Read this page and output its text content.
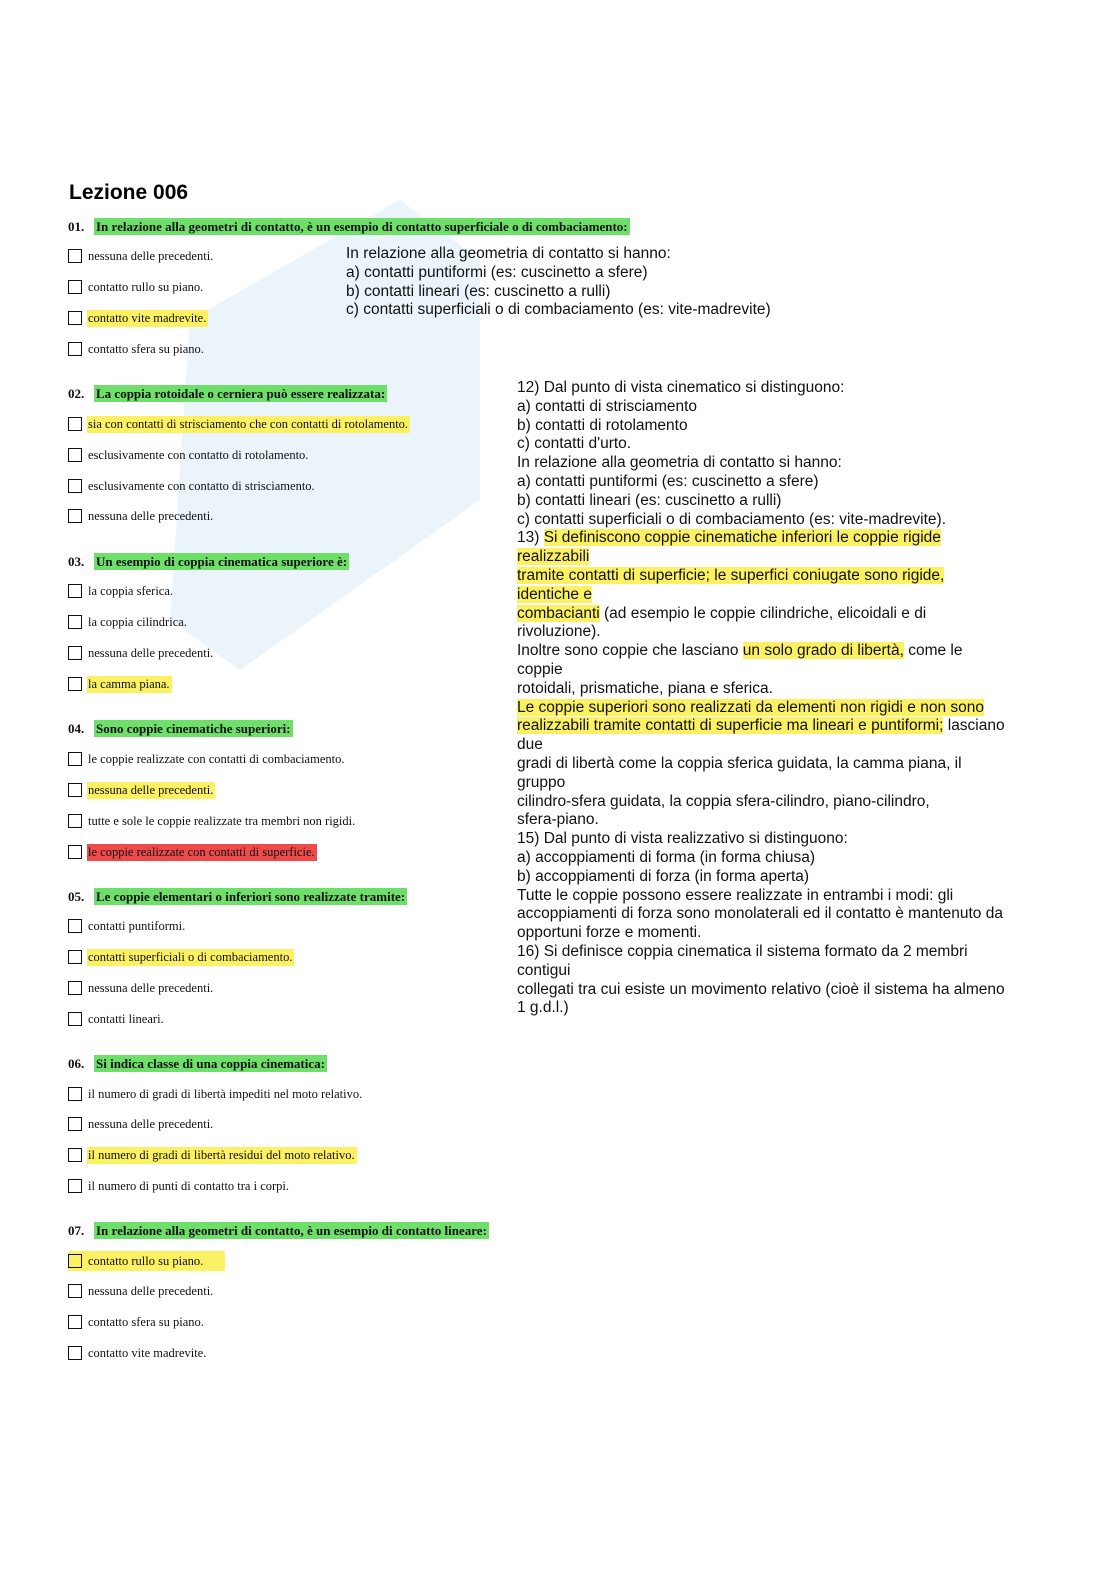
Lezione 006
01. In relazione alla geometri di contatto, è un esempio di contatto superficiale o di combaciamento:
nessuna delle precedenti.
contatto rullo su piano.
contatto vite madrevite.
contatto sfera su piano.
02. La coppia rotoidale o cerniera può essere realizzata:
sia con contatti di strisciamento che con contatti di rotolamento.
esclusivamente con contatto di rotolamento.
esclusivamente con contatto di strisciamento.
nessuna delle precedenti.
03. Un esempio di coppia cinematica superiore è:
la coppia sferica.
la coppia cilindrica.
nessuna delle precedenti.
la camma piana.
04. Sono coppie cinematiche superiori:
le coppie realizzate con contatti di combaciamento.
nessuna delle precedenti.
tutte e sole le coppie realizzate tra membri non rigidi.
le coppie realizzate con contatti di superficie.
05. Le coppie elementari o inferiori sono realizzate tramite:
contatti puntiformi.
contatti superficiali o di combaciamento.
nessuna delle precedenti.
contatti lineari.
06. Si indica classe di una coppia cinematica:
il numero di gradi di libertà impediti nel moto relativo.
nessuna delle precedenti.
il numero di gradi di libertà residui del moto relativo.
il numero di punti di contatto tra i corpi.
07. In relazione alla geometri di contatto, è un esempio di contatto lineare:
contatto rullo su piano.
nessuna delle precedenti.
contatto sfera su piano.
contatto vite madrevite.
In relazione alla geometria di contatto si hanno:
a) contatti puntiformi (es: cuscinetto a sfere)
b) contatti lineari (es: cuscinetto a rulli)
c) contatti superficiali o di combaciamento (es: vite-madrevite)
12) Dal punto di vista cinematico si distinguono:
a) contatti di strisciamento
b) contatti di rotolamento
c) contatti d'urto.
In relazione alla geometria di contatto si hanno:
a) contatti puntiformi (es: cuscinetto a sfere)
b) contatti lineari (es: cuscinetto a rulli)
c) contatti superficiali o di combaciamento (es: vite-madrevite).
13) Si definiscono coppie cinematiche inferiori le coppie rigide
realizzabili
tramite contatti di superficie; le superfici coniugate sono rigide,
identiche e
combacianti (ad esempio le coppie cilindriche, elicoidali e di
rivoluzione).
Inoltre sono coppie che lasciano un solo grado di libertà, come le
coppie
rotoidali, prismatiche, piana e sferica.
Le coppie superiori sono realizzati da elementi non rigidi e non sono
realizzabili tramite contatti di superficie ma lineari e puntiformi; lasciano
due
gradi di libertà come la coppia sferica guidata, la camma piana, il
gruppo
cilindro-sfera guidata, la coppia sfera-cilindro, piano-cilindro,
sfera-piano.
15) Dal punto di vista realizzativo si distinguono:
a) accoppiamenti di forma (in forma chiusa)
b) accoppiamenti di forza (in forma aperta)
Tutte le coppie possono essere realizzate in entrambi i modi: gli
accoppiamenti di forza sono monolaterali ed il contatto è mantenuto da
opportuni forze e momenti.
16) Si definisce coppia cinematica il sistema formato da 2 membri
contigui
collegati tra cui esiste un movimento relativo (cioè il sistema ha almeno
1 g.d.l.)
